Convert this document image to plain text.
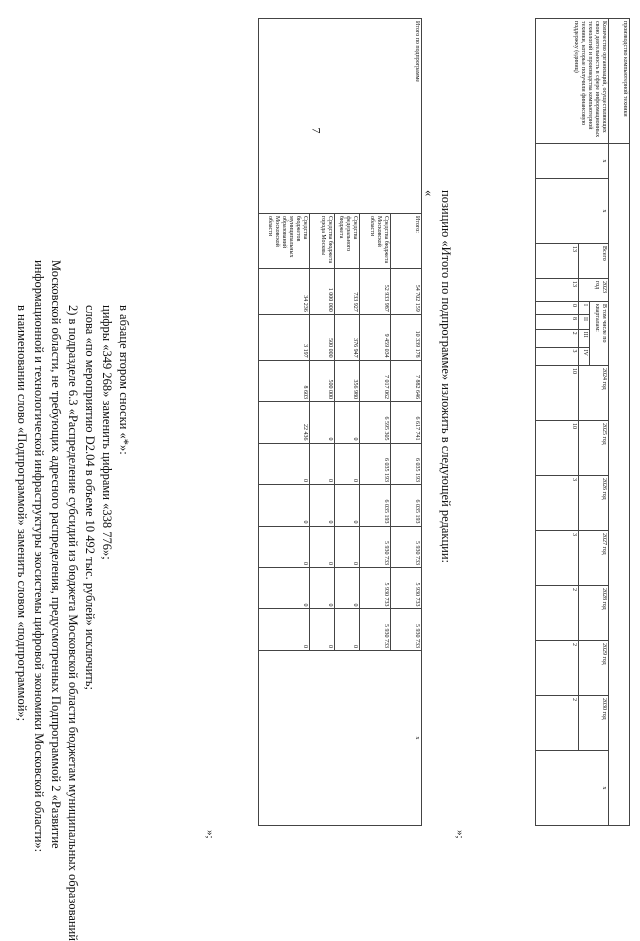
7
производство компьютерной техники																
Количество организаций, осуществляющих свою деятельность в сфере информационных технологий и производства компьютерной техники, которые получили финансовую поддержку (единиц)	x	x	Всего	2023 год	В том числе по кварталам:				2024 год	2025 год	2026 год	2027 год	2028 год	2029 год	2030 год	x
					I	II	III	IV								
			13	13	0	8	2	3	10	10	3	3	2	2	2	
»;
позицию «Итого по подпрограмме» изложить в следующей редакции:
«
Итого по подпрограмме	Итого:	54 702 159	10 339 178	7 882 646	6 617 741	6 035 193	6 035 193	5 930 733	5 930 733	5 930 733	x
	Средства бюджета Московской области	52 933 987	9 459 034	7 017 062	6 595 305	6 035 193	6 035 193	5 930 733	5 930 733	5 930 733	
	Средства федерального бюджета	733 927	376 947	356 980	0	0	0	0	0	0	
	Средства бюджета города Москвы	1 000 000	500 000	500 000	0	0	0	0	0	0	
	Средства бюджетов муниципальных образований Московской области	34 236	3 197	8 603	22 436	0	0	0	0	0	
»;
в абзаце втором сноски «*»:
цифры «349 268» заменить цифрами «338 776»;
слова «по мероприятию D2.04 в объеме 10 492 тыс. рублей» исключить;
2) в подразделе 6.3 «Распределение субсидий из бюджета Московской области бюджетам муниципальных образований
Московской области, не требующих адресного распределения, предусмотренных Подпрограммой 2 «Развитие
информационной и технологической инфраструктуры экосистемы цифровой экономики Московской области»:
в наименовании слово «Подпрограммой» заменить словом «подпрограммой»;
